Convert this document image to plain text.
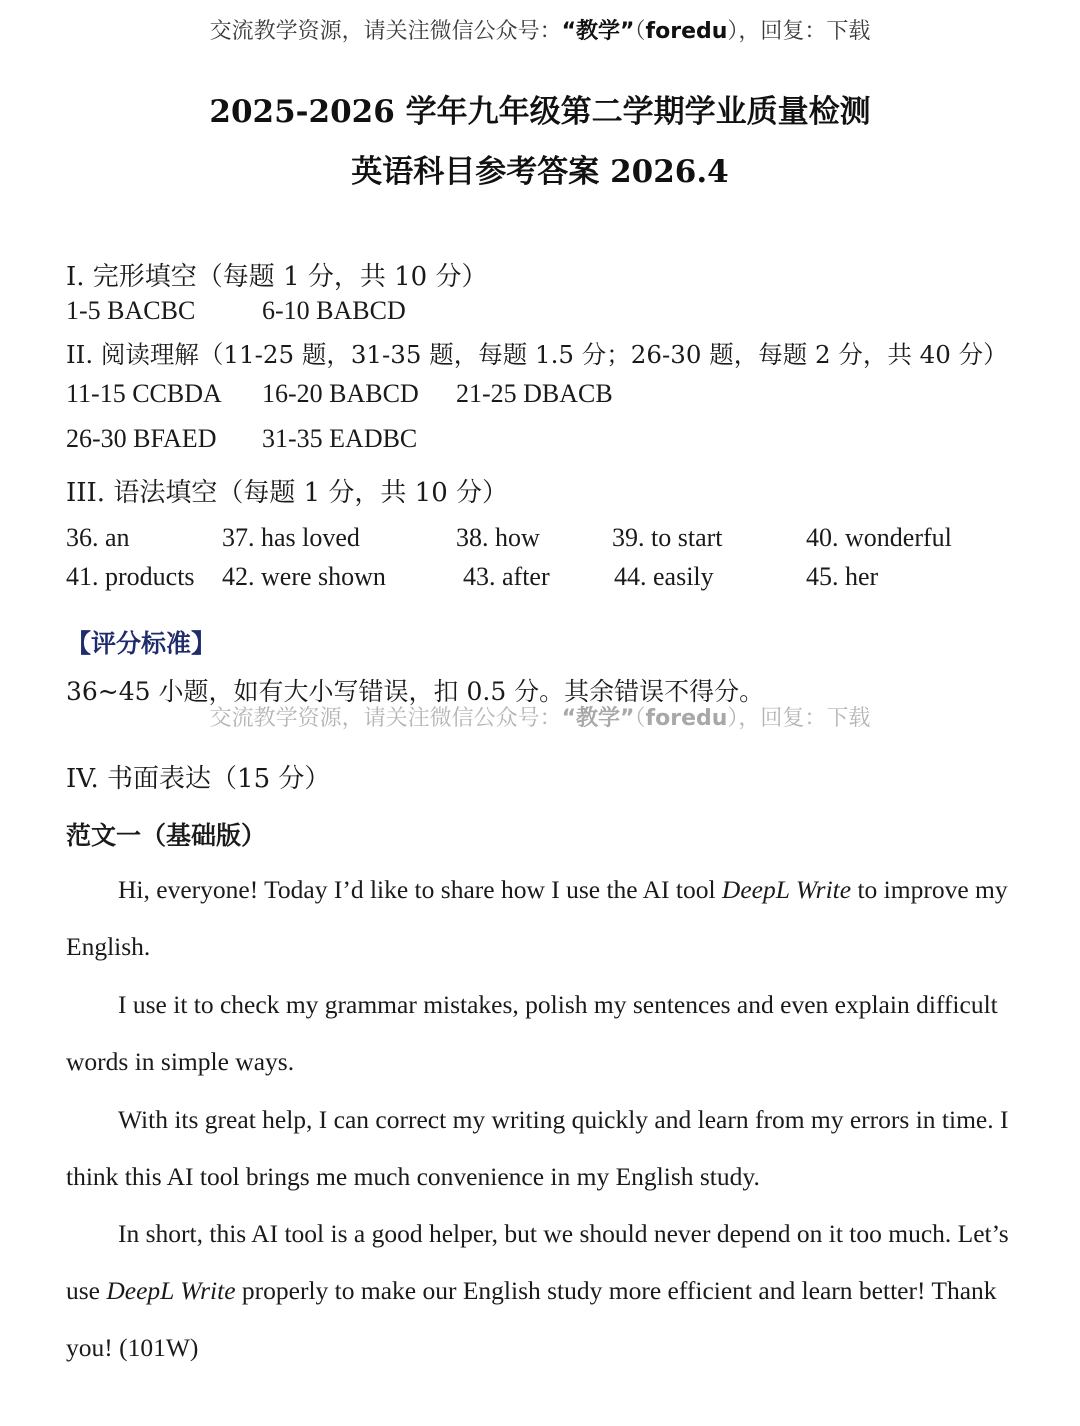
交流教学资源，请关注微信公众号：“教学”（foredu），回复：下载
2025-2026 学年九年级第二学期学业质量检测
英语科目参考答案 2026.4
I. 完形填空（每题 1 分，共 10 分）
1-5 BACBC	6-10 BABCD
II. 阅读理解（11-25 题，31-35 题，每题 1.5 分；26-30 题，每题 2 分，共 40 分）
11-15 CCBDA 16-20 BABCD 21-25 DBACB
26-30 BFAED 31-35 EADBC
III. 语法填空（每题 1 分，共 10 分）
36. an	37. has loved	38. how	39. to start	40. wonderful
41. products 42. were shown	43. after 44. easily	45. her
【评分标准】
36~45 小题，如有大小写错误，扣 0.5 分。其余错误不得分。
交流教学资源，请关注微信公众号：“教学”（foredu），回复：下载
IV. 书面表达（15 分）
范文一（基础版）
Hi, everyone! Today I’d like to share how I use the AI tool DeepL Write to improve my
English.
I use it to check my grammar mistakes, polish my sentences and even explain difficult
words in simple ways.
With its great help, I can correct my writing quickly and learn from my errors in time. I
think this AI tool brings me much convenience in my English study.
In short, this AI tool is a good helper, but we should never depend on it too much. Let’s
use DeepL Write properly to make our English study more efficient and learn better! Thank
you! (101W)
